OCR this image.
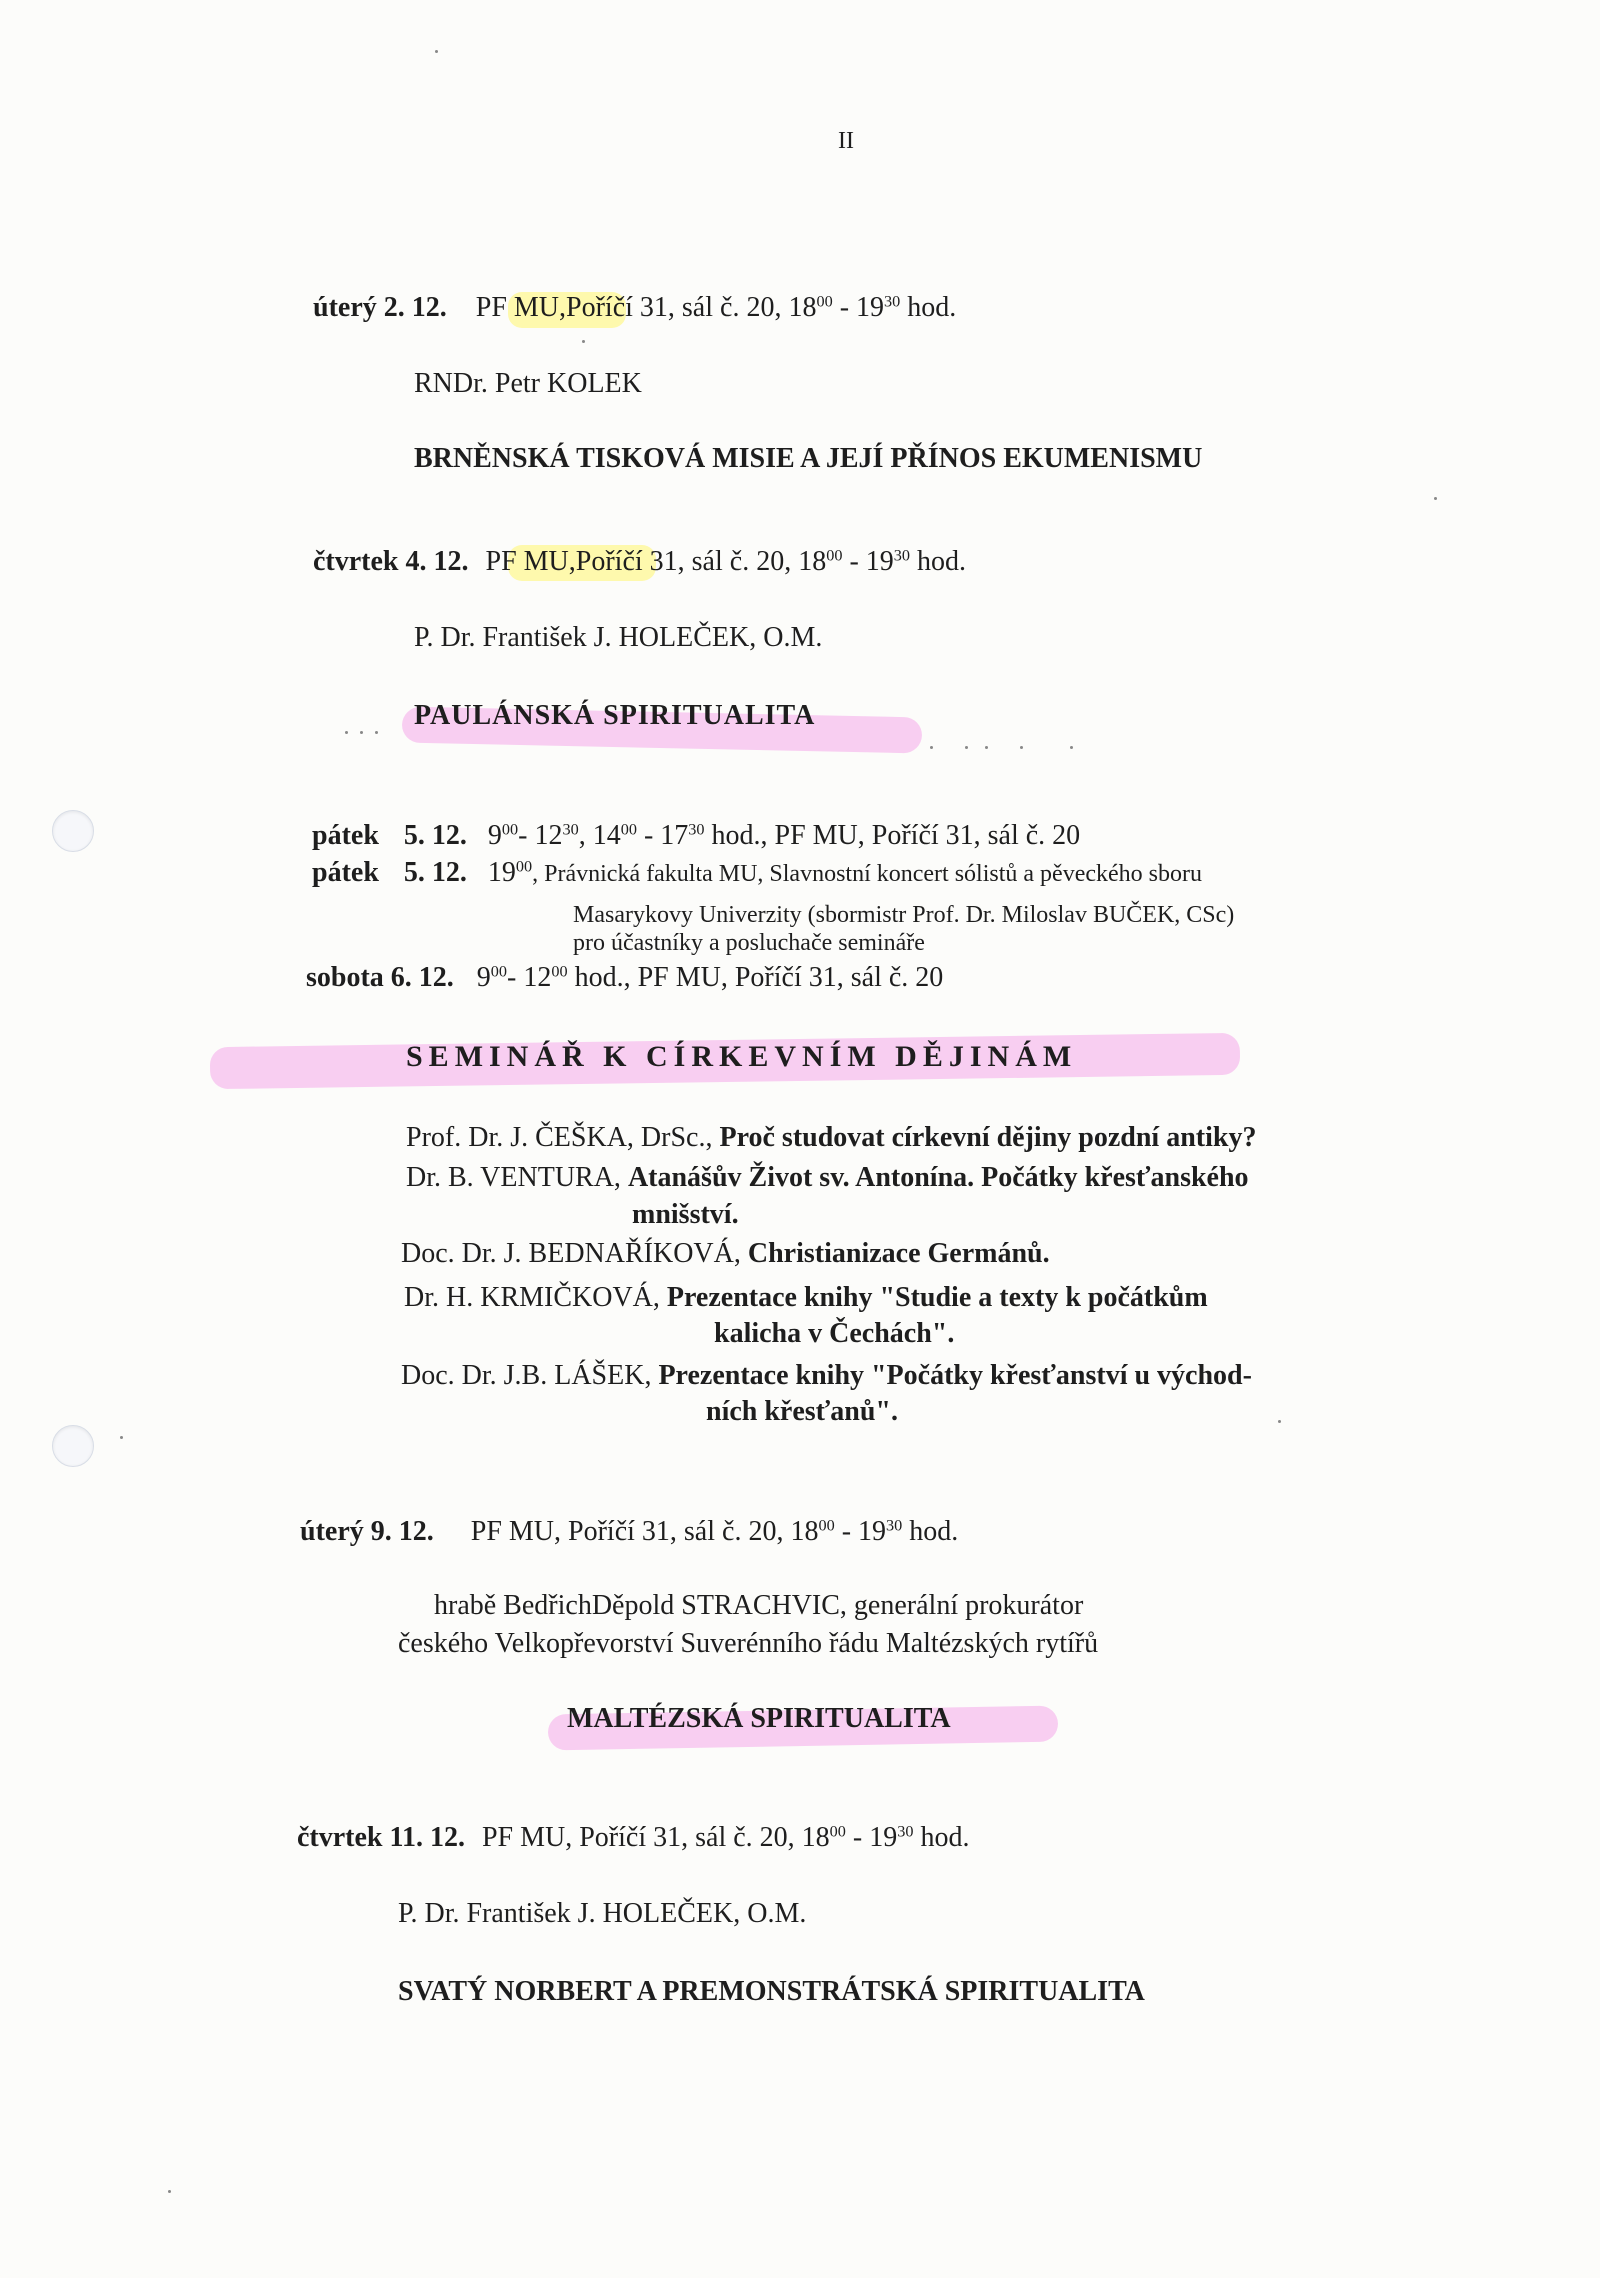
II
úterý 2. 12. PF MU,Poříčí 31, sál č. 20, $18^{00} - 19^{30}$ hod.
RNDr. Petr KOLEK
BRNĚNSKÁ TISKOVÁ MISIE A JEJÍ PŘÍNOS EKUMENISMU
čtvrtek 4. 12. PF MU,Poříčí 31, sál č. 20, $18^{00} - 19^{30}$ hod.
P. Dr. František J. HOLEČEK, O.M.
PAULÁNSKÁ SPIRITUALITA
pátek 5. 12. $9^{00}-$ $12^{30}$, $14^{00} - 17^{30}$ hod., PF MU, Poříčí 31, sál č. 20
pátek 5. 12. $19^{00}$, Právnická fakulta MU, Slavnostní koncert sólistů a pěveckého sboru
Masarykovy Univerzity (sbormistr Prof. Dr. Miloslav BUČEK, CSc)
pro účastníky a posluchače semináře
sobota 6. 12. $9^{00}-$ $12^{00}$ hod., PF MU, Poříčí 31, sál č. 20
SEMINÁŘ K CÍRKEVNÍM DĚJINÁM
Prof. Dr. J. ČEŠKA, DrSc., Proč studovat církevní dějiny pozdní antiky?
Dr. B. VENTURA, Atanášův Život sv. Antonína. Počátky křesťanského
mnišství.
Doc. Dr. J. BEDNAŘÍKOVÁ, Christianizace Germánů.
Dr. H. KRMIČKOVÁ, Prezentace knihy "Studie a texty k počátkům
kalicha v Čechách".
Doc. Dr. J.B. LÁŠEK, Prezentace knihy "Počátky křesťanství u východ-
ních křesťanů".
úterý 9. 12. PF MU, Poříčí 31, sál č. 20, $18^{00} - 19^{30}$ hod.
hrabě BedřichDěpold STRACHVIC, generální prokurátor
českého Velkopřevorství Suverénního řádu Maltézských rytířů
MALTÉZSKÁ SPIRITUALITA
čtvrtek 11. 12. PF MU, Poříčí 31, sál č. 20, $18^{00} - 19^{30}$ hod.
P. Dr. František J. HOLEČEK, O.M.
SVATÝ NORBERT A PREMONSTRÁTSKÁ SPIRITUALITA
